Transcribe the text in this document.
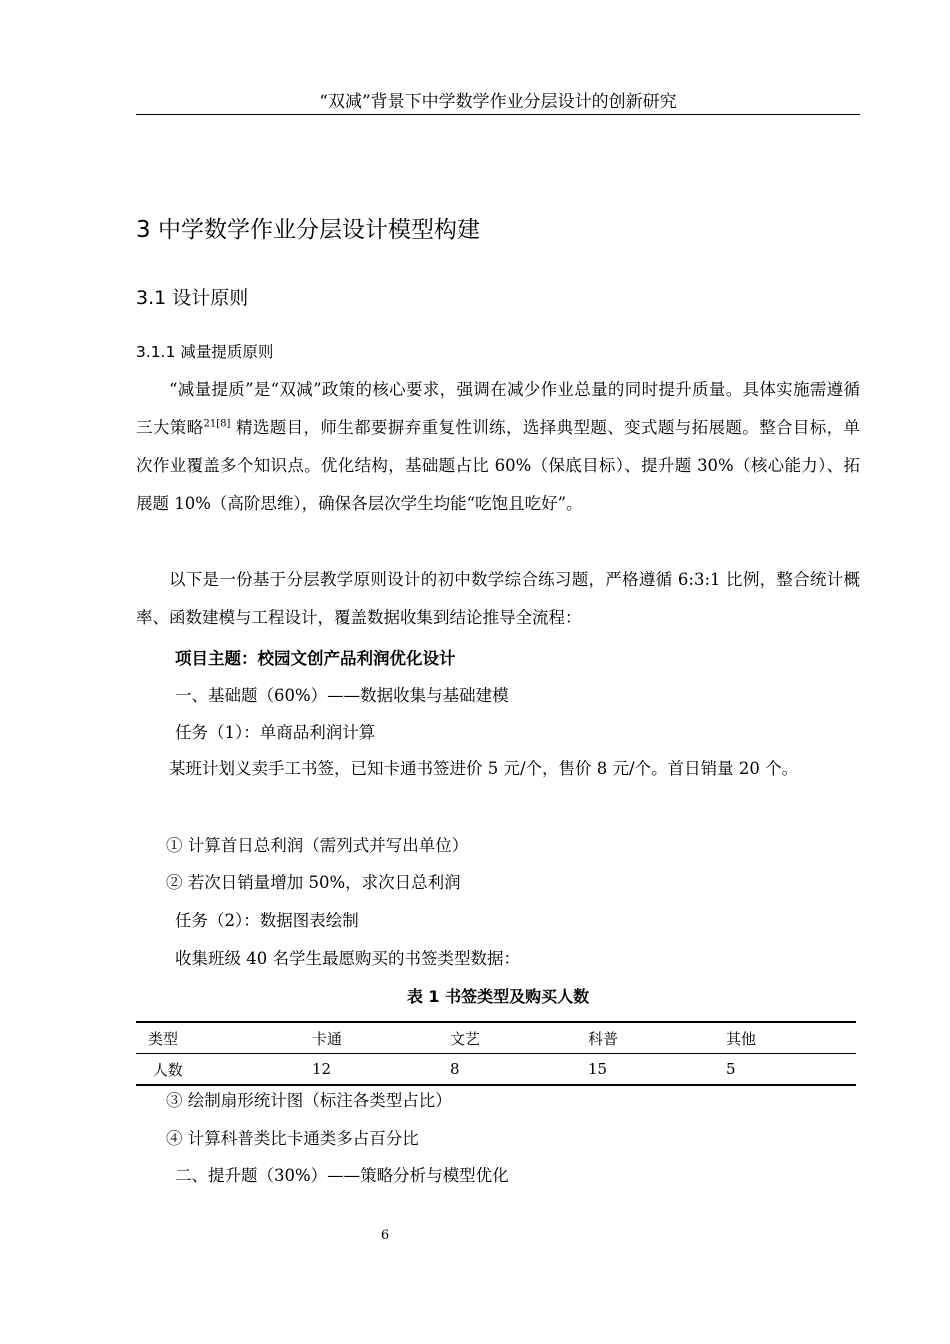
“双减”背景下中学数学作业分层设计的创新研究
3 中学数学作业分层设计模型构建
3.1 设计原则
3.1.1 减量提质原则

“减量提质”是“双减”政策的核心要求，强调在减少作业总量的同时提升质量。具体实施需遵循三大策略$^{21[8]}$ 精选题目，师生都要摒弃重复性训练，选择典型题、变式题与拓展题。整合目标，单次作业覆盖多个知识点。优化结构，基础题占比 60%（保底目标）、提升题 30%（核心能力）、拓展题 10%（高阶思维），确保各层次学生均能“吃饱且吃好”。

以下是一份基于分层教学原则设计的初中数学综合练习题，严格遵循 6:3:1 比例，整合统计概率、函数建模与工程设计，覆盖数据收集到结论推导全流程：

项目主题：校园文创产品利润优化设计
一、基础题（60%）——数据收集与基础建模
任务（1）：单商品利润计算

某班计划义卖手工书签，已知卡通书签进价 5 元/个，售价 8 元/个。首日销量 20 个。

① 计算首日总利润（需列式并写出单位）
② 若次日销量增加 50%，求次日总利润
任务（2）：数据图表绘制
收集班级 40 名学生最愿购买的书签类型数据：
表 1 书签类型及购买人数
类型	卡通	文艺	科普	其他
人数	12	8	15	5
③ 绘制扇形统计图（标注各类型占比）
④ 计算科普类比卡通类多占百分比
二、提升题（30%）——策略分析与模型优化
6
